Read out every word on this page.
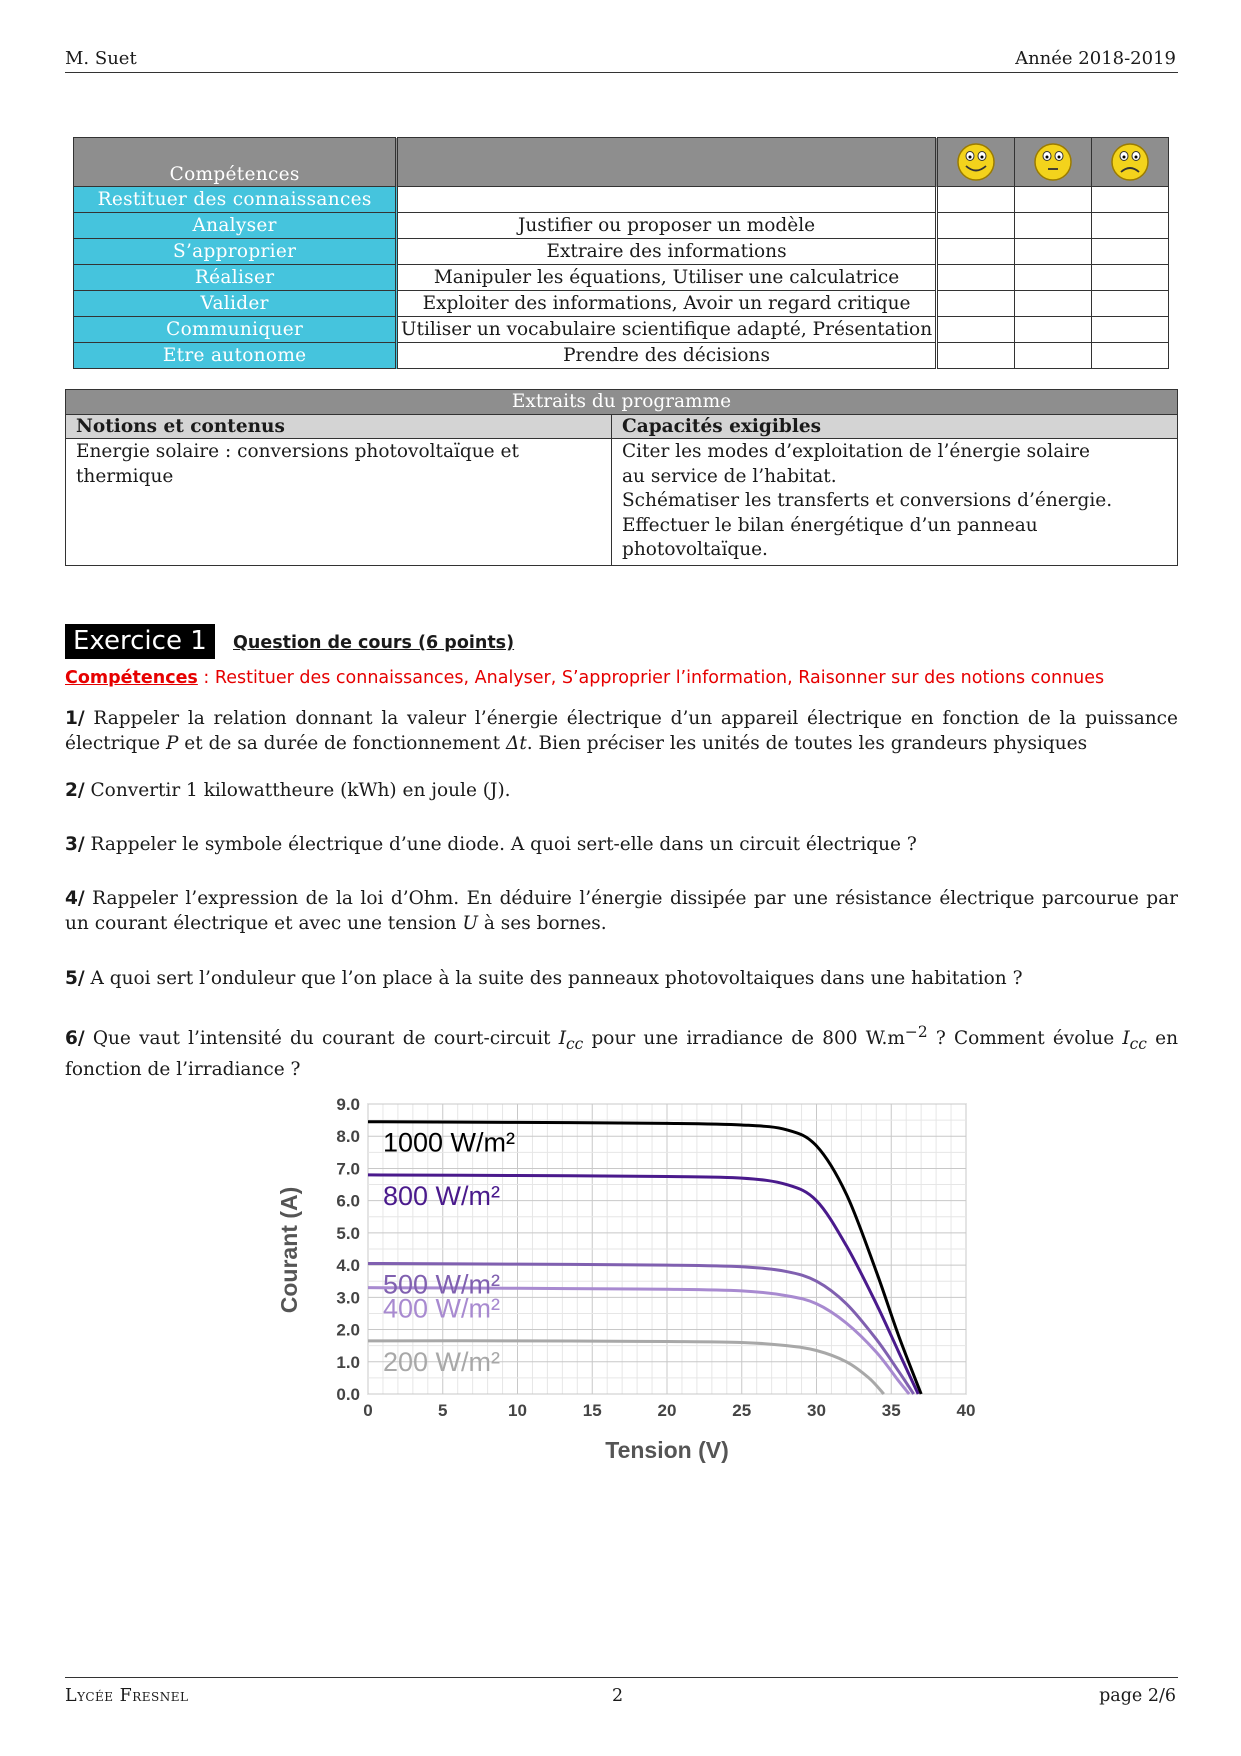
M. Suet	Année 2018-2019
Compétences		

Restituer des connaissances				
Analyser	Justifier ou proposer un modèle			
S’approprier	Extraire des informations			
Réaliser	Manipuler les équations, Utiliser une calculatrice			
Valider	Exploiter des informations, Avoir un regard critique			
Communiquer	Utiliser un vocabulaire scientifique adapté, Présentation			
Etre autonome	Prendre des décisions			
Extraits du programme	
Notions et contenus	Capacités exigibles
Energie solaire : conversions photovoltaïque et thermique	Citer les modes d’exploitation de l’énergie solaire
au service de l’habitat.
Schématiser les transferts et conversions d’énergie.
Effectuer le bilan énergétique d’un panneau photovoltaïque.
Exercice 1	Question de cours (6 points)
Compétences : Restituer des connaissances, Analyser, S’approprier l’information, Raisonner sur des notions connues
1/ Rappeler la relation donnant la valeur l’énergie électrique d’un appareil électrique en fonction de la puissance électrique P et de sa durée de fonctionnement Δt. Bien préciser les unités de toutes les grandeurs physiques
2/ Convertir 1 kilowattheure (kWh) en joule (J).
3/ Rappeler le symbole électrique d’une diode. A quoi sert-elle dans un circuit électrique ?
4/ Rappeler l’expression de la loi d’Ohm. En déduire l’énergie dissipée par une résistance électrique parcourue par un courant électrique et avec une tension U à ses bornes.
5/ A quoi sert l’onduleur que l’on place à la suite des panneaux photovoltaiques dans une habitation ?
6/ Que vaut l’intensité du courant de court-circuit $I_{cc}$ pour une irradiance de 800 $W.m^{-2}$ ? Comment évolue $I_{cc}$ en fonction de l’irradiance ?
0	5	10	15	20	25	30	35	40
0.0
1.0
2.0
3.0
4.0
5.0
6.0
7.0
8.0
9.0
1000 W/m²
800 W/m²
500 W/m²
400 W/m²
200 W/m²
Tension (V)
Courant (A)
Lycée Fresnel	2	page 2/6
